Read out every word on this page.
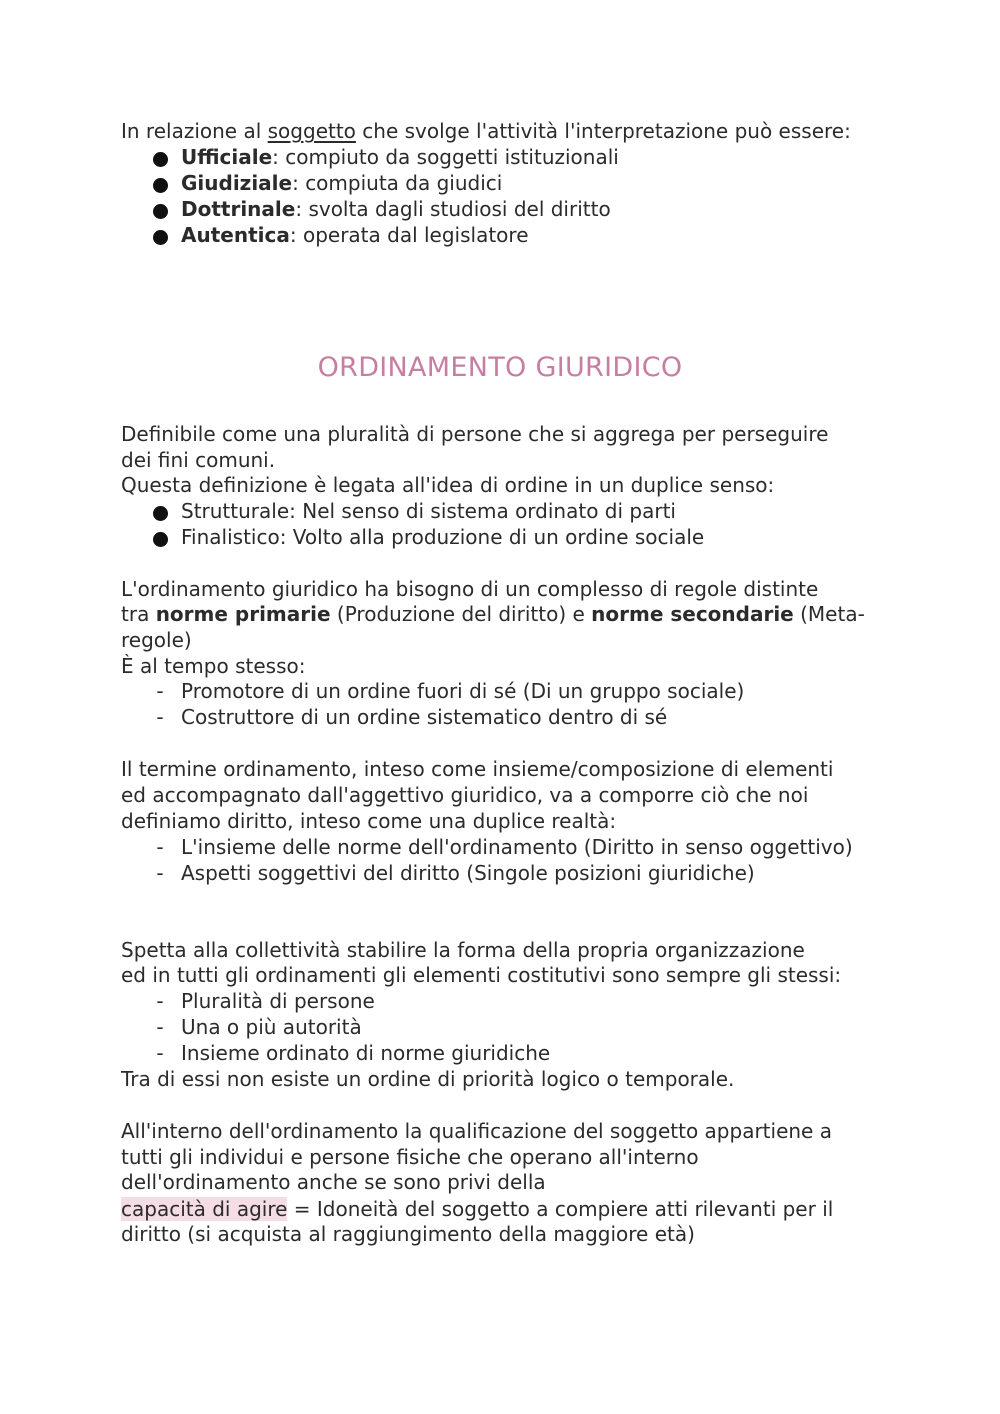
In relazione al soggetto che svolge l'attività l'interpretazione può essere:
Ufficiale: compiuto da soggetti istituzionali
Giudiziale: compiuta da giudici
Dottrinale: svolta dagli studiosi del diritto
Autentica: operata dal legislatore
ORDINAMENTO GIURIDICO
Definibile come una pluralità di persone che si aggrega per perseguire
dei fini comuni.
Questa definizione è legata all'idea di ordine in un duplice senso:
Strutturale: Nel senso di sistema ordinato di parti
Finalistico: Volto alla produzione di un ordine sociale
L'ordinamento giuridico ha bisogno di un complesso di regole distinte
tra norme primarie (Produzione del diritto) e norme secondarie (Meta-
regole)
È al tempo stesso:
- Promotore di un ordine fuori di sé (Di un gruppo sociale)
- Costruttore di un ordine sistematico dentro di sé
Il termine ordinamento, inteso come insieme/composizione di elementi
ed accompagnato dall'aggettivo giuridico, va a comporre ciò che noi
definiamo diritto, inteso come una duplice realtà:
- L'insieme delle norme dell'ordinamento (Diritto in senso oggettivo)
- Aspetti soggettivi del diritto (Singole posizioni giuridiche)
Spetta alla collettività stabilire la forma della propria organizzazione
ed in tutti gli ordinamenti gli elementi costitutivi sono sempre gli stessi:
- Pluralità di persone
- Una o più autorità
- Insieme ordinato di norme giuridiche
Tra di essi non esiste un ordine di priorità logico o temporale.
All'interno dell'ordinamento la qualificazione del soggetto appartiene a
tutti gli individui e persone fisiche che operano all'interno
dell'ordinamento anche se sono privi della
capacità di agire = Idoneità del soggetto a compiere atti rilevanti per il
diritto (si acquista al raggiungimento della maggiore età)
